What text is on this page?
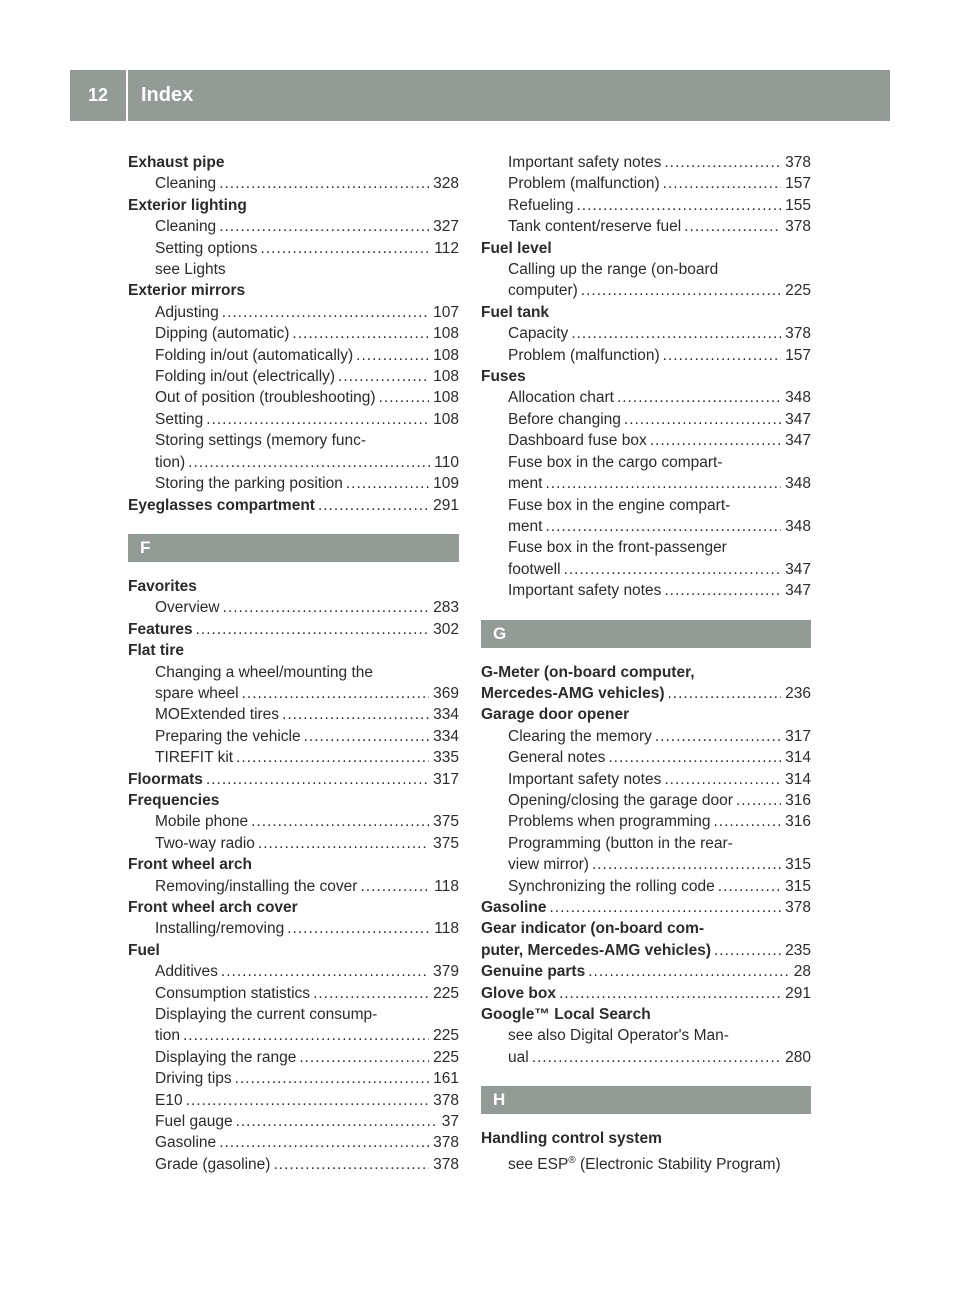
12	Index
Exhaust pipe
Cleaning .....	328
Exterior lighting
Cleaning .....	327
Setting options .....	112
see Lights
Exterior mirrors
Adjusting .....	107
Dipping (automatic) .....	108
Folding in/out (automatically) .....	108
Folding in/out (electrically) .....	108
Out of position (troubleshooting) .....	108
Setting .....	108
Storing settings (memory func-
tion) .....	110
Storing the parking position .....	109
Eyeglasses compartment .....	291
F
Favorites
Overview .....	283
Features .....	302
Flat tire
Changing a wheel/mounting the
spare wheel .....	369
MOExtended tires .....	334
Preparing the vehicle .....	334
TIREFIT kit .....	335
Floormats .....	317
Frequencies
Mobile phone .....	375
Two-way radio .....	375
Front wheel arch
Removing/installing the cover .....	118
Front wheel arch cover
Installing/removing .....	118
Fuel
Additives .....	379
Consumption statistics .....	225
Displaying the current consump-
tion .....	225
Displaying the range .....	225
Driving tips .....	161
E10 .....	378
Fuel gauge .....	37
Gasoline .....	378
Grade (gasoline) .....	378
Important safety notes .....	378
Problem (malfunction) .....	157
Refueling .....	155
Tank content/reserve fuel .....	378
Fuel level
Calling up the range (on-board
computer) .....	225
Fuel tank
Capacity .....	378
Problem (malfunction) .....	157
Fuses
Allocation chart .....	348
Before changing .....	347
Dashboard fuse box .....	347
Fuse box in the cargo compart-
ment .....	348
Fuse box in the engine compart-
ment .....	348
Fuse box in the front-passenger
footwell .....	347
Important safety notes .....	347
G
G-Meter (on-board computer,
Mercedes-AMG vehicles) .....	236
Garage door opener
Clearing the memory .....	317
General notes .....	314
Important safety notes .....	314
Opening/closing the garage door .....	316
Problems when programming .....	316
Programming (button in the rear-
view mirror) .....	315
Synchronizing the rolling code .....	315
Gasoline .....	378
Gear indicator (on-board com-
puter, Mercedes-AMG vehicles) .....	235
Genuine parts .....	28
Glove box .....	291
Google™ Local Search
see also Digital Operator's Man-
ual .....	280
H
Handling control system
see ESP® (Electronic Stability Program)
